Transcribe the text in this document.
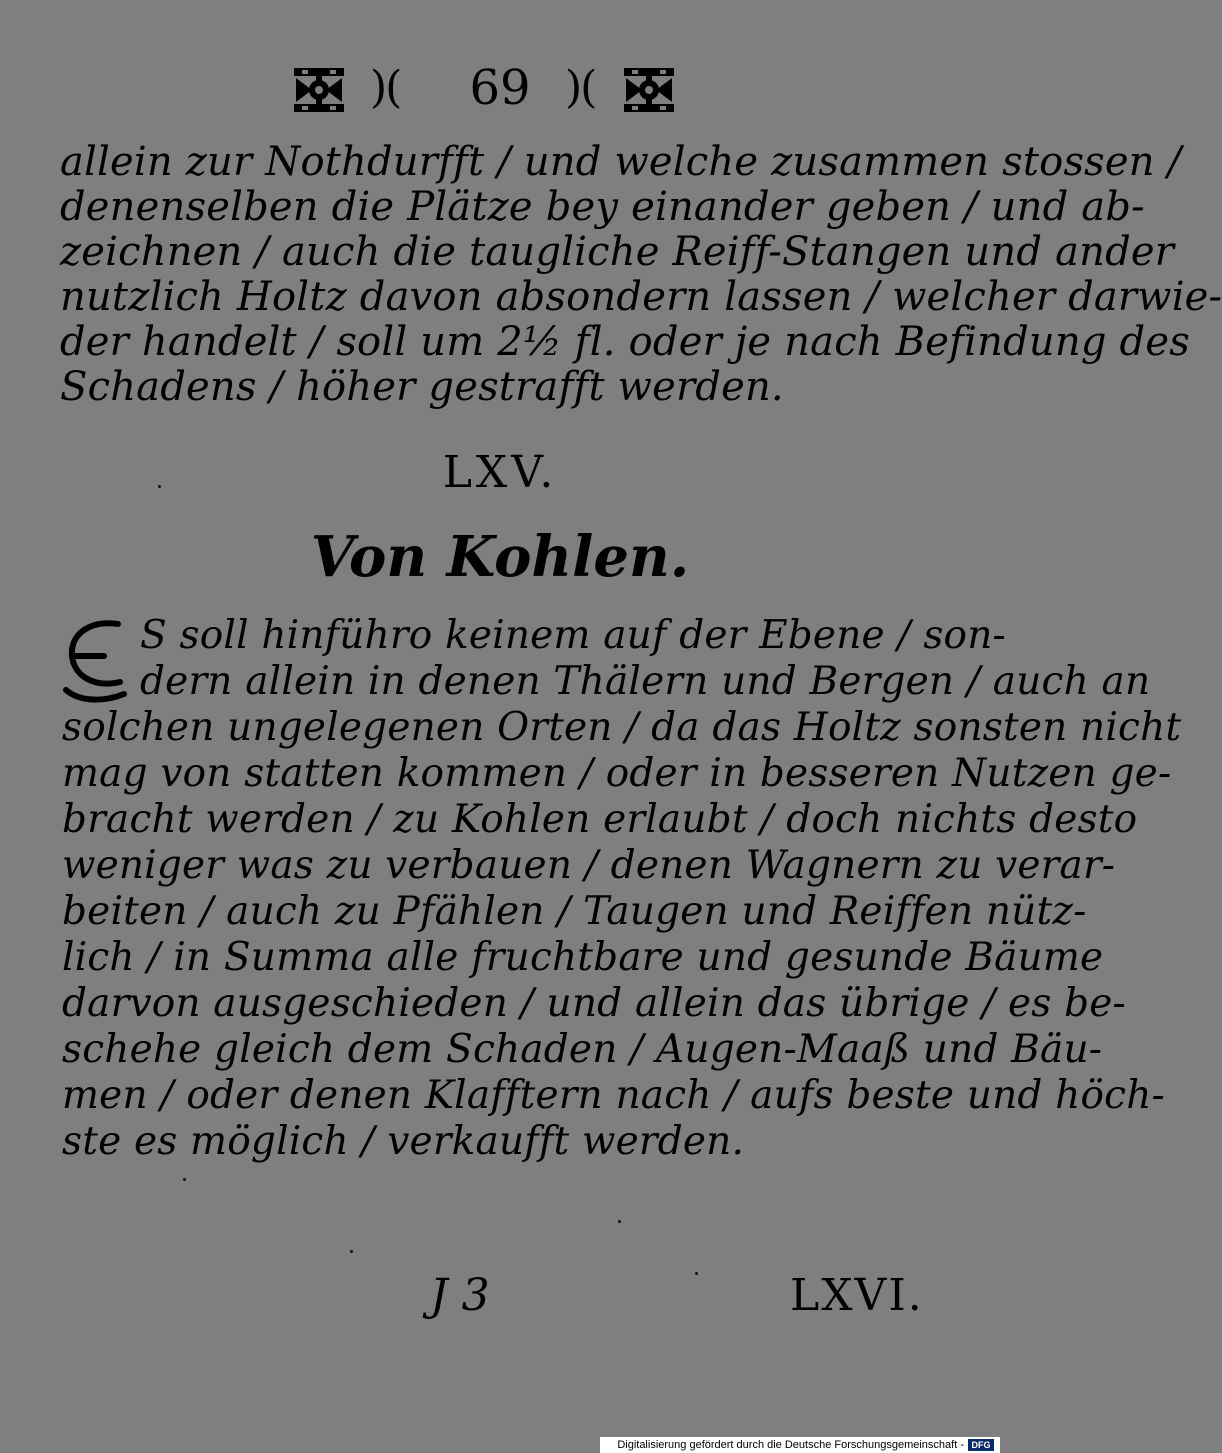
)(	69 )(
allein zur Nothdurfft / und welche zusammen stossen /
denenselben die Plätze bey einander geben / und ab-
zeichnen / auch die taugliche Reiff-Stangen und ander
nutzlich Holtz davon absondern lassen / welcher darwie-
der handelt / soll um 2½ fl. oder je nach Befindung des
Schadens / höher gestrafft werden.
LXV.
Von Kohlen.
S soll hinführo keinem auf der Ebene / son-
dern allein in denen Thälern und Bergen / auch an
solchen ungelegenen Orten / da das Holtz sonsten nicht
mag von statten kommen / oder in besseren Nutzen ge-
bracht werden / zu Kohlen erlaubt / doch nichts desto
weniger was zu verbauen / denen Wagnern zu verar-
beiten / auch zu Pfählen / Taugen und Reiffen nütz-
lich / in Summa alle fruchtbare und gesunde Bäume
darvon ausgeschieden / und allein das übrige / es be-
schehe gleich dem Schaden / Augen-Maaß und Bäu-
men / oder denen Klafftern nach / aufs beste und höch-
ste es möglich / verkaufft werden.
J 3	LXVI.
Digitalisierung gefördert durch die Deutsche Forschungsgemeinschaft - DFG
